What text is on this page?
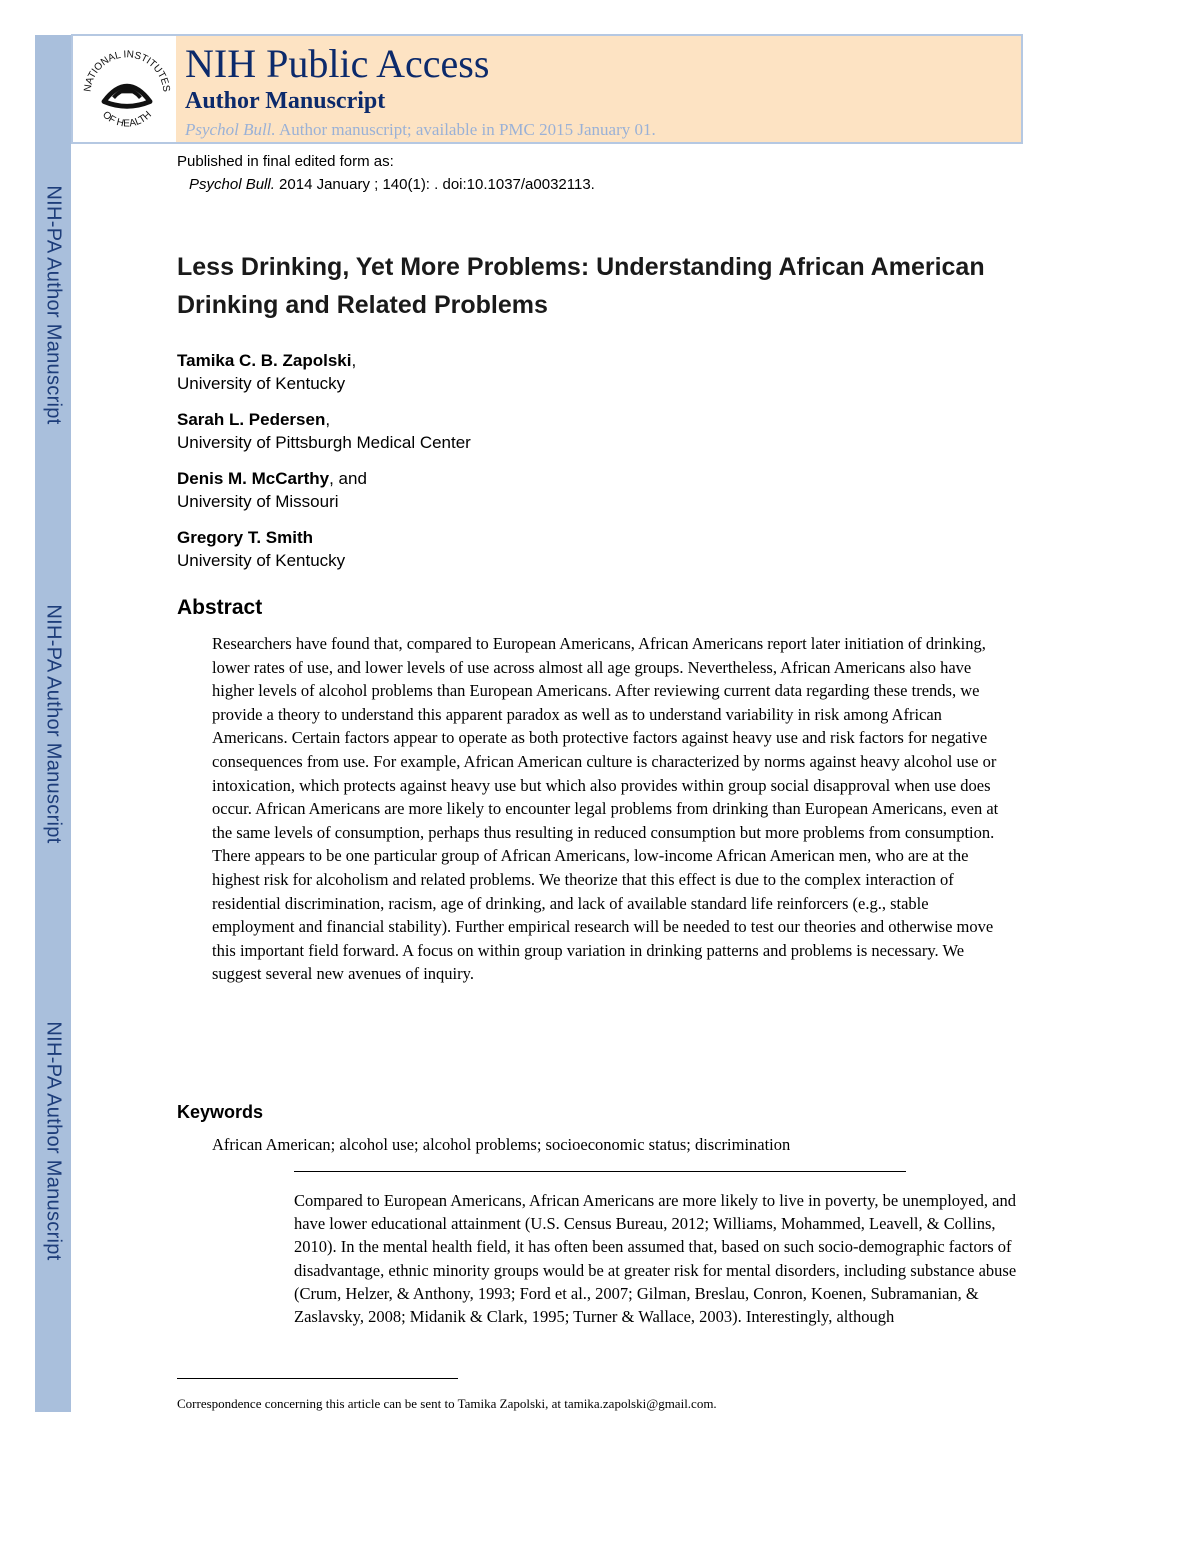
NIH-PA Author Manuscript
NIH-PA Author Manuscript
NIH-PA Author Manuscript
NATIONAL INSTITUTES
OF HEALTH
NIH Public Access
Author Manuscript
Psychol Bull. Author manuscript; available in PMC 2015 January 01.
Published in final edited form as:
Psychol Bull. 2014 January ; 140(1): . doi:10.1037/a0032113.
Less Drinking, Yet More Problems: Understanding African American Drinking and Related Problems
Tamika C. B. Zapolski,
University of Kentucky
Sarah L. Pedersen,
University of Pittsburgh Medical Center
Denis M. McCarthy, and
University of Missouri
Gregory T. Smith
University of Kentucky
Abstract
Researchers have found that, compared to European Americans, African Americans report later initiation of drinking, lower rates of use, and lower levels of use across almost all age groups. Nevertheless, African Americans also have higher levels of alcohol problems than European Americans. After reviewing current data regarding these trends, we provide a theory to understand this apparent paradox as well as to understand variability in risk among African Americans. Certain factors appear to operate as both protective factors against heavy use and risk factors for negative consequences from use. For example, African American culture is characterized by norms against heavy alcohol use or intoxication, which protects against heavy use but which also provides within group social disapproval when use does occur. African Americans are more likely to encounter legal problems from drinking than European Americans, even at the same levels of consumption, perhaps thus resulting in reduced consumption but more problems from consumption. There appears to be one particular group of African Americans, low-income African American men, who are at the highest risk for alcoholism and related problems. We theorize that this effect is due to the complex interaction of residential discrimination, racism, age of drinking, and lack of available standard life reinforcers (e.g., stable employment and financial stability). Further empirical research will be needed to test our theories and otherwise move this important field forward. A focus on within group variation in drinking patterns and problems is necessary. We suggest several new avenues of inquiry.
Keywords
African American; alcohol use; alcohol problems; socioeconomic status; discrimination
Compared to European Americans, African Americans are more likely to live in poverty, be unemployed, and have lower educational attainment (U.S. Census Bureau, 2012; Williams, Mohammed, Leavell, & Collins, 2010). In the mental health field, it has often been assumed that, based on such socio-demographic factors of disadvantage, ethnic minority groups would be at greater risk for mental disorders, including substance abuse (Crum, Helzer, & Anthony, 1993; Ford et al., 2007; Gilman, Breslau, Conron, Koenen, Subramanian, & Zaslavsky, 2008; Midanik & Clark, 1995; Turner & Wallace, 2003). Interestingly, although
Correspondence concerning this article can be sent to Tamika Zapolski, at tamika.zapolski@gmail.com.
